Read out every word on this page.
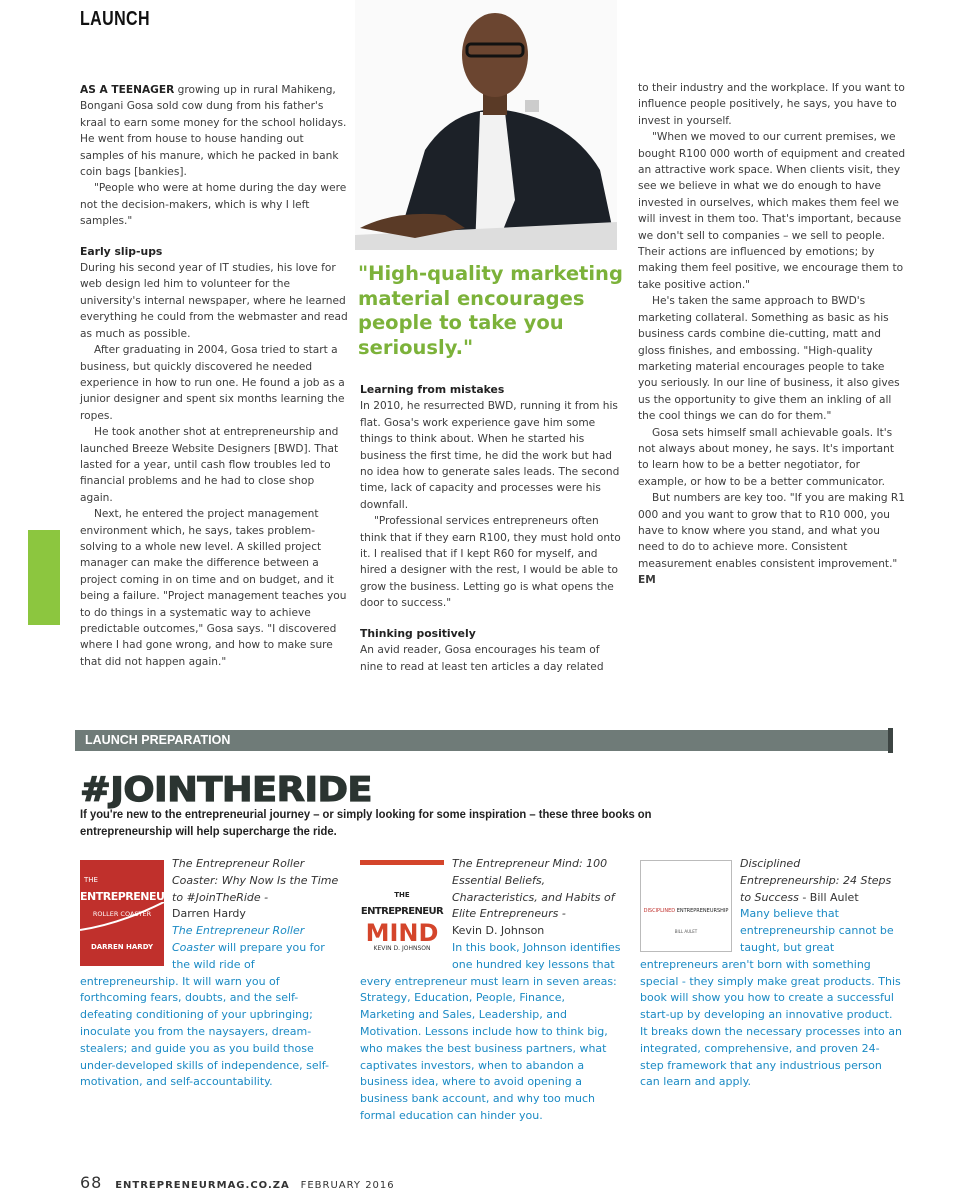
LAUNCH

AS A TEENAGER growing up in rural Mahikeng, Bongani Gosa sold cow dung from his father's kraal to earn some money for the school holidays. He went from house to house handing out samples of his manure, which he packed in bank coin bags [bankies].

"People who were at home during the day were not the decision-makers, which is why I left samples."

Early slip-ups

During his second year of IT studies, his love for web design led him to volunteer for the university's internal newspaper, where he learned everything he could from the webmaster and read as much as possible.

After graduating in 2004, Gosa tried to start a business, but quickly discovered he needed experience in how to run one. He found a job as a junior designer and spent six months learning the ropes.

He took another shot at entrepreneurship and launched Breeze Website Designers [BWD]. That lasted for a year, until cash flow troubles led to financial problems and he had to close shop again.

Next, he entered the project management environment which, he says, takes problem-solving to a whole new level. A skilled project manager can make the difference between a project coming in on time and on budget, and it being a failure. "Project management teaches you to do things in a systematic way to achieve predictable outcomes," Gosa says. "I discovered where I had gone wrong, and how to make sure that did not happen again."

"High-quality marketing material encourages people to take you seriously."
Learning from mistakes

In 2010, he resurrected BWD, running it from his flat. Gosa's work experience gave him some things to think about. When he started his business the first time, he did the work but had no idea how to generate sales leads. The second time, lack of capacity and processes were his downfall.

"Professional services entrepreneurs often think that if they earn R100, they must hold onto it. I realised that if I kept R60 for myself, and hired a designer with the rest, I would be able to grow the business. Letting go is what opens the door to success."

Thinking positively

An avid reader, Gosa encourages his team of nine to read at least ten articles a day related

to their industry and the workplace. If you want to influence people positively, he says, you have to invest in yourself.

"When we moved to our current premises, we bought R100 000 worth of equipment and created an attractive work space. When clients visit, they see we believe in what we do enough to have invested in ourselves, which makes them feel we will invest in them too. That's important, because we don't sell to companies – we sell to people. Their actions are influenced by emotions; by making them feel positive, we encourage them to take positive action."

He's taken the same approach to BWD's marketing collateral. Something as basic as his business cards combine die-cutting, matt and gloss finishes, and embossing. "High-quality marketing material encourages people to take you seriously. In our line of business, it also gives us the opportunity to give them an inkling of all the cool things we can do for them."

Gosa sets himself small achievable goals. It's not always about money, he says. It's important to learn how to be a better negotiator, for example, or how to be a better communicator.

But numbers are key too. "If you are making R1 000 and you want to grow that to R10 000, you have to know where you stand, and what you need to do to achieve more. Consistent measurement enables consistent improvement." EM

LAUNCH PREPARATION
#JOINTHERIDE
If you're new to the entrepreneurial journey – or simply looking for some inspiration – these three books on entrepreneurship will help supercharge the ride.
THE
ENTREPRENEUR
ROLLER COASTER
DARREN HARDY
The Entrepreneur Roller Coaster: Why Now Is the Time to #JoinTheRide -
Darren Hardy
The Entrepreneur Roller Coaster will prepare you for the wild ride of entrepreneurship. It will warn you of forthcoming fears, doubts, and the self-defeating conditioning of your upbringing; inoculate you from the naysayers, dream-stealers; and guide you as you build those under-developed skills of independence, self-motivation, and self-accountability.
THE
ENTREPRENEUR
MIND
KEVIN D. JOHNSON
The Entrepreneur Mind: 100 Essential Beliefs, Characteristics, and Habits of Elite Entrepreneurs -
Kevin D. Johnson
In this book, Johnson identifies one hundred key lessons that every entrepreneur must learn in seven areas: Strategy, Education, People, Finance, Marketing and Sales, Leadership, and Motivation. Lessons include how to think big, who makes the best business partners, what captivates investors, when to abandon a business idea, where to avoid opening a business bank account, and why too much formal education can hinder you.
DISCIPLINED ENTREPRENEURSHIP
BILL AULET
Disciplined Entrepreneurship: 24 Steps to Success - Bill Aulet
Many believe that entrepreneurship cannot be taught, but great entrepreneurs aren't born with something special - they simply make great products. This book will show you how to create a successful start-up by developing an innovative product. It breaks down the necessary processes into an integrated, comprehensive, and proven 24-step framework that any industrious person can learn and apply.
68 ENTREPRENEURMAG.CO.ZA FEBRUARY 2016
